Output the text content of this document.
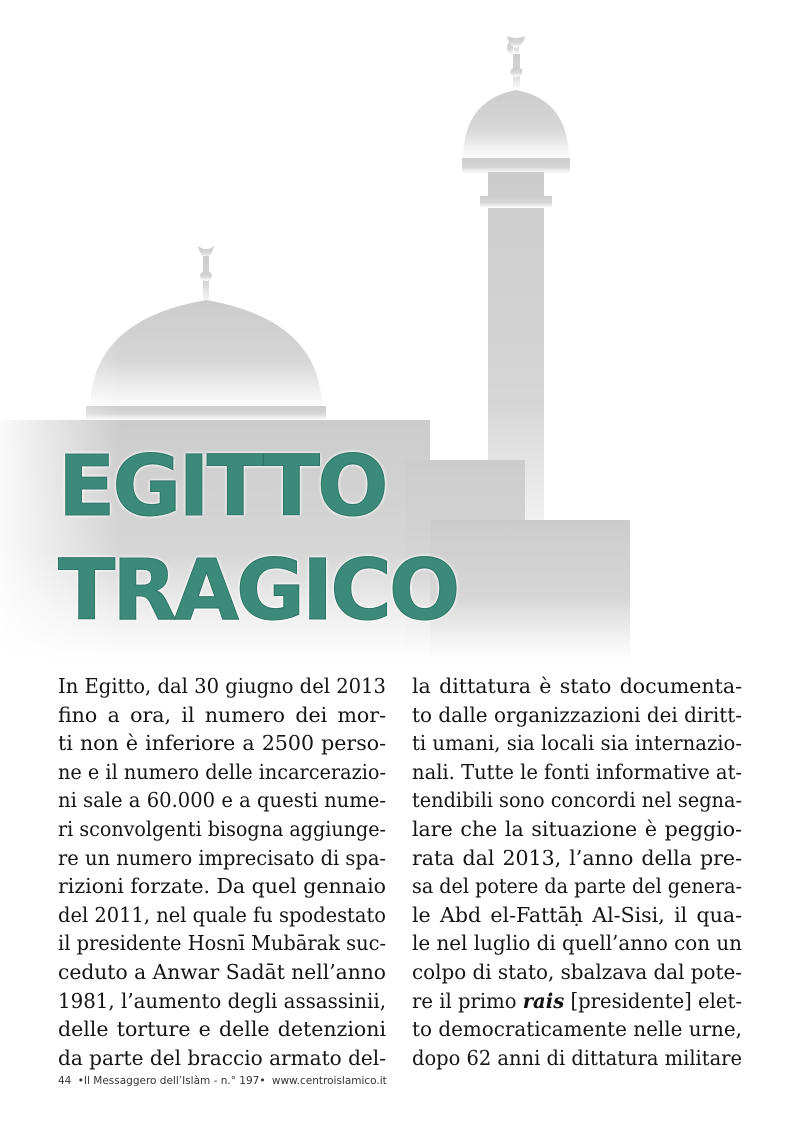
EGITTO
TRAGICO
In Egitto, dal 30 giugno del 2013
fino a ora, il numero dei mor-
ti non è inferiore a 2500 perso-
ne e il numero delle incarcerazio-
ni sale a 60.000 e a questi nume-
ri sconvolgenti bisogna aggiunge-
re un numero imprecisato di spa-
rizioni forzate. Da quel gennaio
del 2011, nel quale fu spodestato
il presidente Hosnī Mubārak suc-
ceduto a Anwar Sadāt nell’anno
1981, l’aumento degli assassinii,
delle torture e delle detenzioni
da parte del braccio armato del-
la dittatura è stato documenta-
to dalle organizzazioni dei diritt-
ti umani, sia locali sia internazio-
nali. Tutte le fonti informative at-
tendibili sono concordi nel segna-
lare che la situazione è peggio-
rata dal 2013, l’anno della pre-
sa del potere da parte del genera-
le Abd el-Fattāḥ Al-Sisi, il qua-
le nel luglio di quell’anno con un
colpo di stato, sbalzava dal pote-
re il primo rais [presidente] elet-
to democraticamente nelle urne,
dopo 62 anni di dittatura militare
44 •Il Messaggero dell’Islàm - n.° 197• www.centroislamico.it
